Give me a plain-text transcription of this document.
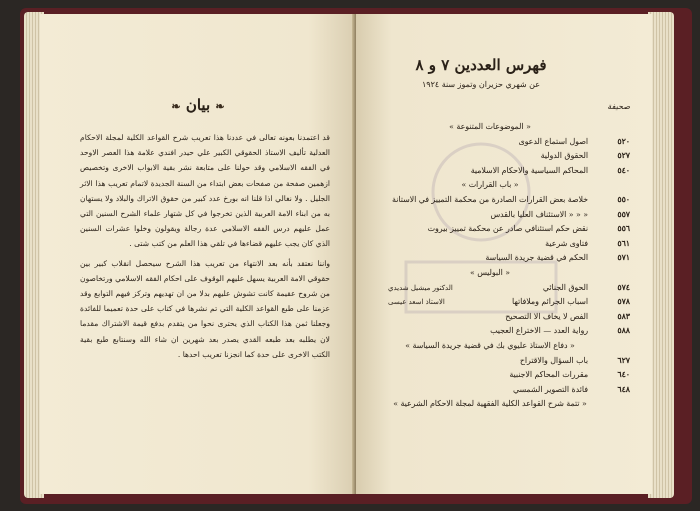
❧ بيان ❧

قد اعتمدنا بعونه تعالى في عددنا هذا تعريب شرح القواعد الكلية لمجلة الاحكام العدلية تأليف الاستاذ الحقوقي الكبير علي حيدر افندي علامة هذا العصر الاوحد في الفقه الاسلامي وقد حولنا على متابعة نشر بقية الابواب الاخرى وتخصيص ازهمين صفحة من صفحات بعض ابتداء من السنة الجديدة لاتمام تعريب هذا الاثر الجليل . ولا نغالي اذا قلنا انه بورخ عدد كبير من حقوق الاتراك والبلاد ولا يستهان به من ابناء الامة العربية الذين تخرجوا في كل شتهار علماء الشرح السنين التي عمل عليهم درس الفقه الاسلامي عدة رجالة ويقولون وخلوا عشرات السنين الذي كان يجب عليهم قضاءها في تلقي هذا العلم من كتب شتى .

واننا نعتقد بأنه بعد الانتهاء من تعريب هذا الشرح سيحصل انقلاب كبير بين حقوقي الامة العربية يسهل عليهم الوقوف على احكام الفقه الاسلامي ورتخاصون من شروح عقيمة كانت تشوش عليهم بدلا من ان تهديهم وتركز فيهم التوابع وقد عزمنا على طبع القواعد الكلية التي تم نشرها في كتاب على حدة تعميما للفائدة وجعلنا ثمن هذا الكتاب الذي يحترى نحوا من يتقدم بدفع قيمة الاشتراك مقدما لان يطلبه بعد طبعه القدي يصدر بعد شهرين ان شاء الله وسنتابع طبع بقية الكتب الاخرى على حدة كما انجزنا تعريب احدها .

فهرس العددين ٧ و ٨
عن شهري حزيران وتموز سنة ١٩٢٤
صحيفة
« الموضوعات المتنوعة »
٥٢٠اصول استماع الدعوى
٥٢٧الحقوق الدولية
٥٤٠المحاكم السياسية والاحكام الاسلامية
« باب القرارات »
٥٥٠خلاصة بعض القرارات الصادرة من محكمة التمييز في الاستانة
٥٥٧« « « الاستئناف العليا بالقدس
٥٥٦نقض حكم استئنافي صادر عن محكمة تمييز بيروت
٥٦١فتاوى شرعية
٥٧١الحكم في قضية جريدة السياسة
« البوليس »
٥٧٤الحوق الجنائي
الدكتور ميشيل شديدي
٥٧٨اسباب الجرائم وملافاتها
الاستاذ اسعد عيسى
٥٨٣الفص لا يخاف الا التصحيح
٥٨٨رواية العدد — الاختراع العجيب
« دفاع الاستاذ عليوي بك في قضية جريدة السياسة »
٦٢٧باب السؤال والاقتراح
٦٤٠مقررات المحاكم الاجنبية
٦٤٨فائدة التصوير الشمسي
« تتمة شرح القواعد الكلية الفقهية لمجلة الاحكام الشرعية »
